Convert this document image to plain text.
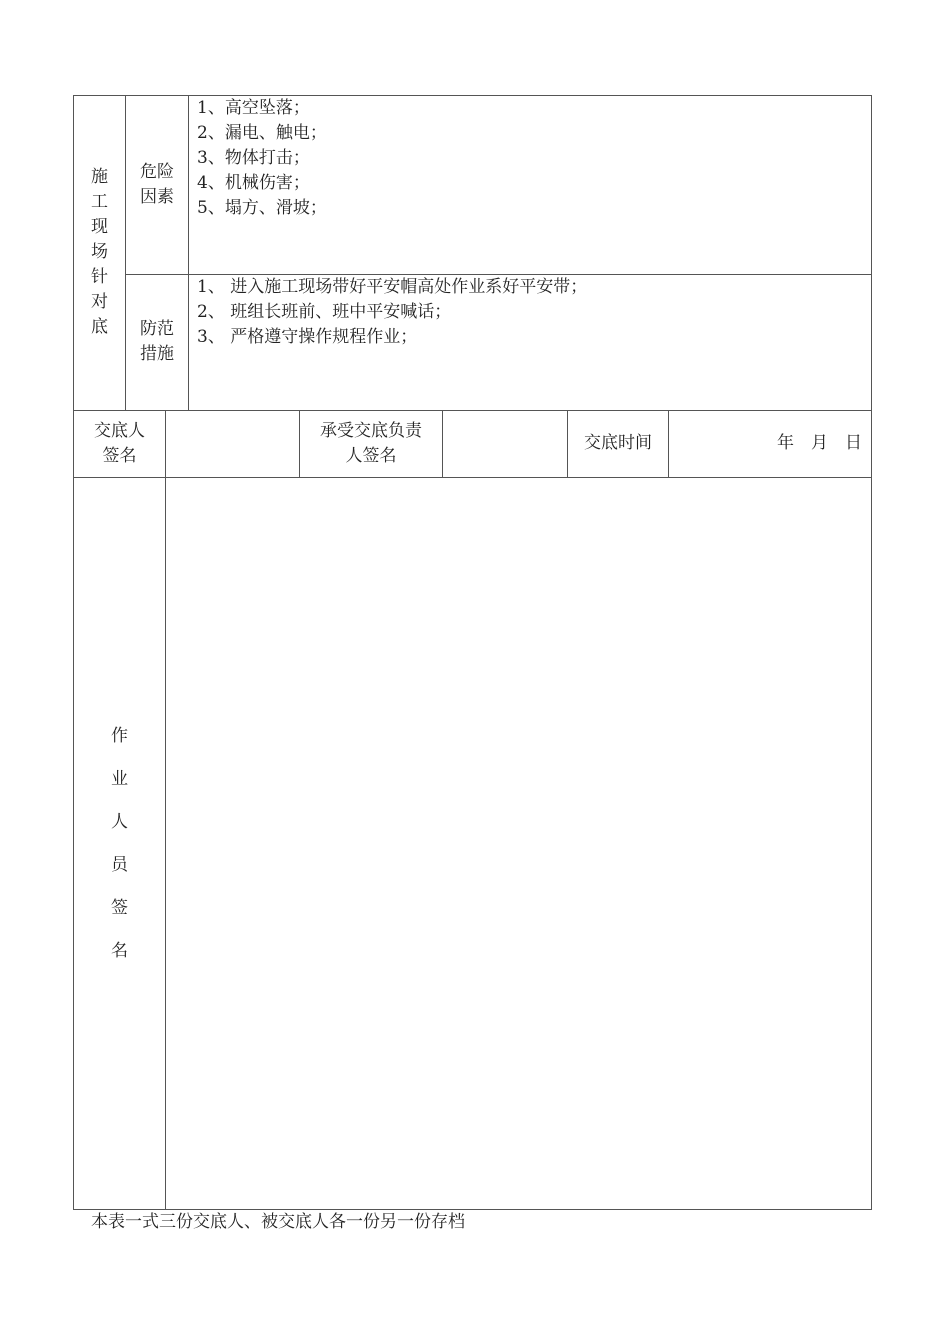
施
工
现
场
针
对
底
危险
因素
1、高空坠落；
2、漏电、触电；
3、物体打击；
4、机械伤害；
5、塌方、滑坡；
防范
措施
1、 进入施工现场带好平安帽高处作业系好平安带；
2、 班组长班前、班中平安喊话；
3、 严格遵守操作规程作业；
交底人
签名
承受交底负责
人签名
交底时间	年　月　日
作
业
人
员
签
名
本表一式三份交底人、被交底人各一份另一份存档
